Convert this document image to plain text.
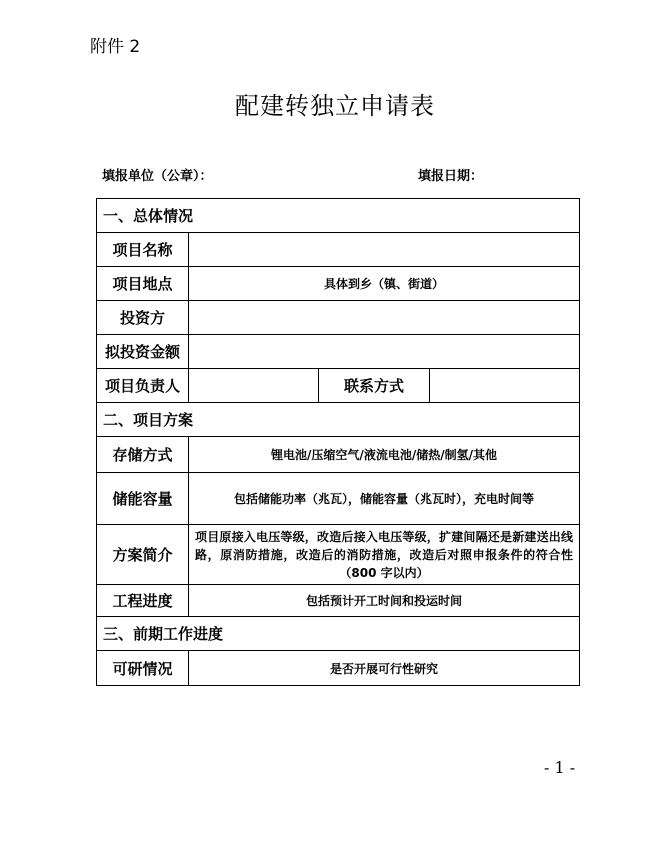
附件 2
配建转独立申请表
填报单位（公章）：	填报日期：
一、总体情况			
项目名称			
项目地点	具体到乡（镇、街道）		
投资方			
拟投资金额			
项目负责人		联系方式	
二、项目方案			
存储方式	锂电池/压缩空气/液流电池/储热/制氢/其他		
储能容量	包括储能功率（兆瓦），储能容量（兆瓦时），充电时间等		
方案简介	项目原接入电压等级，改造后接入电压等级，扩建间隔还是新建送出线路，原消防措施，改造后的消防措施，改造后对照申报条件的符合性（800 字以内）		
工程进度	包括预计开工时间和投运时间		
三、前期工作进度			
可研情况	是否开展可行性研究		
- 1 -
